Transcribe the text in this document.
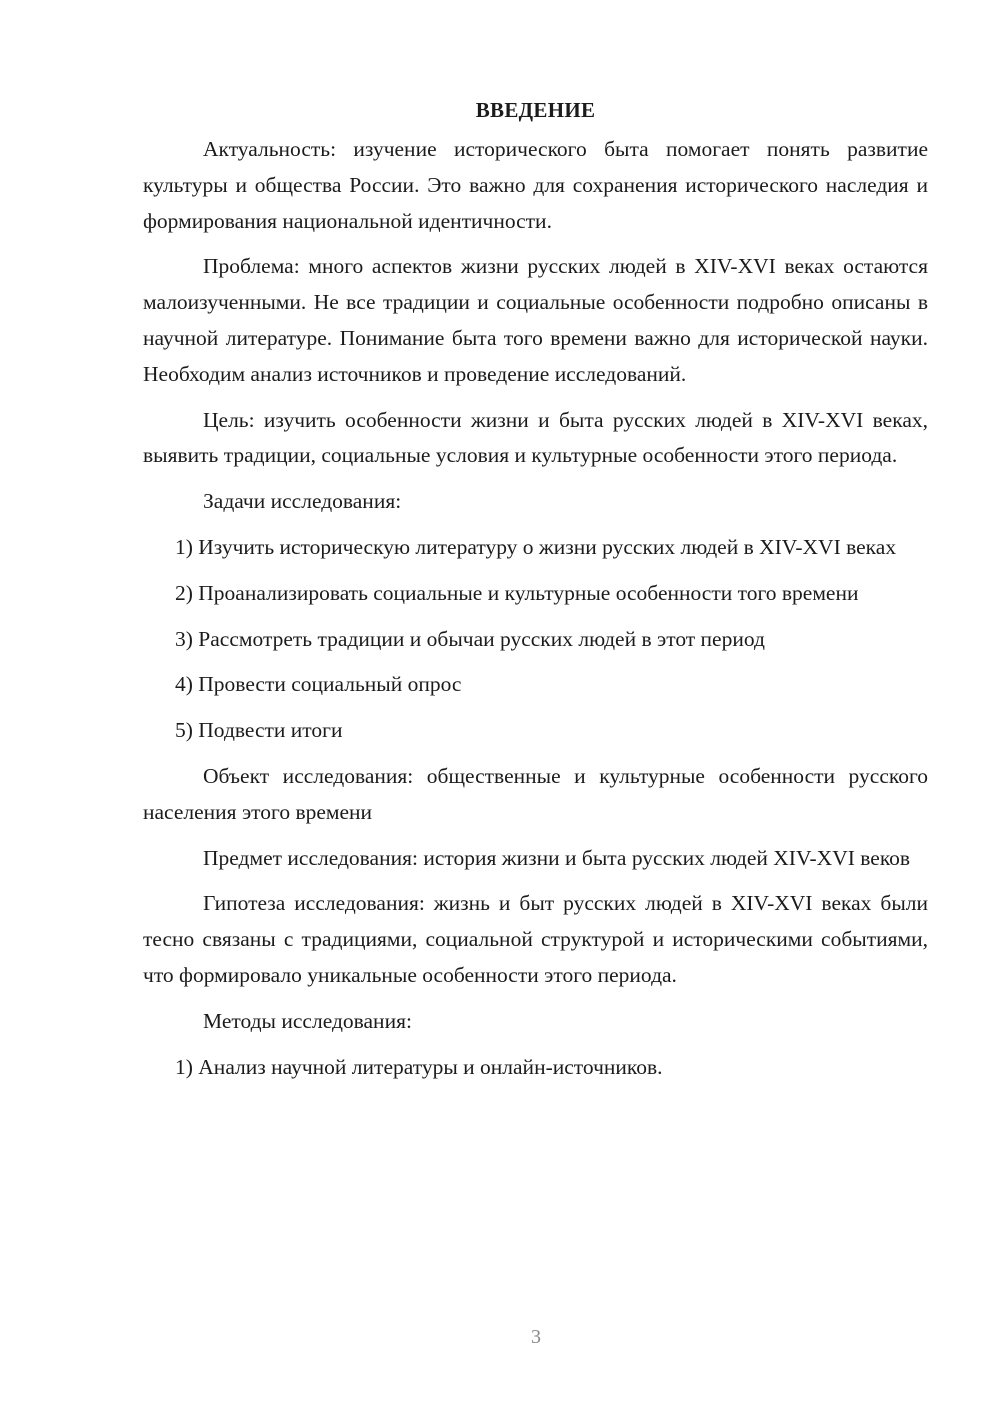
ВВЕДЕНИЕ

Актуальность: изучение исторического быта помогает понять развитие культуры и общества России. Это важно для сохранения исторического наследия и формирования национальной идентичности.

Проблема: много аспектов жизни русских людей в XIV-XVI веках остаются малоизученными. Не все традиции и социальные особенности подробно описаны в научной литературе. Понимание быта того времени важно для исторической науки. Необходим анализ источников и проведение исследований.

Цель: изучить особенности жизни и быта русских людей в XIV-XVI веках, выявить традиции, социальные условия и культурные особенности этого периода.

Задачи исследования:

1) Изучить историческую литературу о жизни русских людей в XIV-XVI веках

2) Проанализировать социальные и культурные особенности того времени

3) Рассмотреть традиции и обычаи русских людей в этот период

4) Провести социальный опрос

5) Подвести итоги

Объект исследования: общественные и культурные особенности русского населения этого времени

Предмет исследования: история жизни и быта русских людей XIV-XVI веков

Гипотеза исследования: жизнь и быт русских людей в XIV-XVI веках были тесно связаны с традициями, социальной структурой и историческими событиями, что формировало уникальные особенности этого периода.

Методы исследования:

1) Анализ научной литературы и онлайн-источников.

3
